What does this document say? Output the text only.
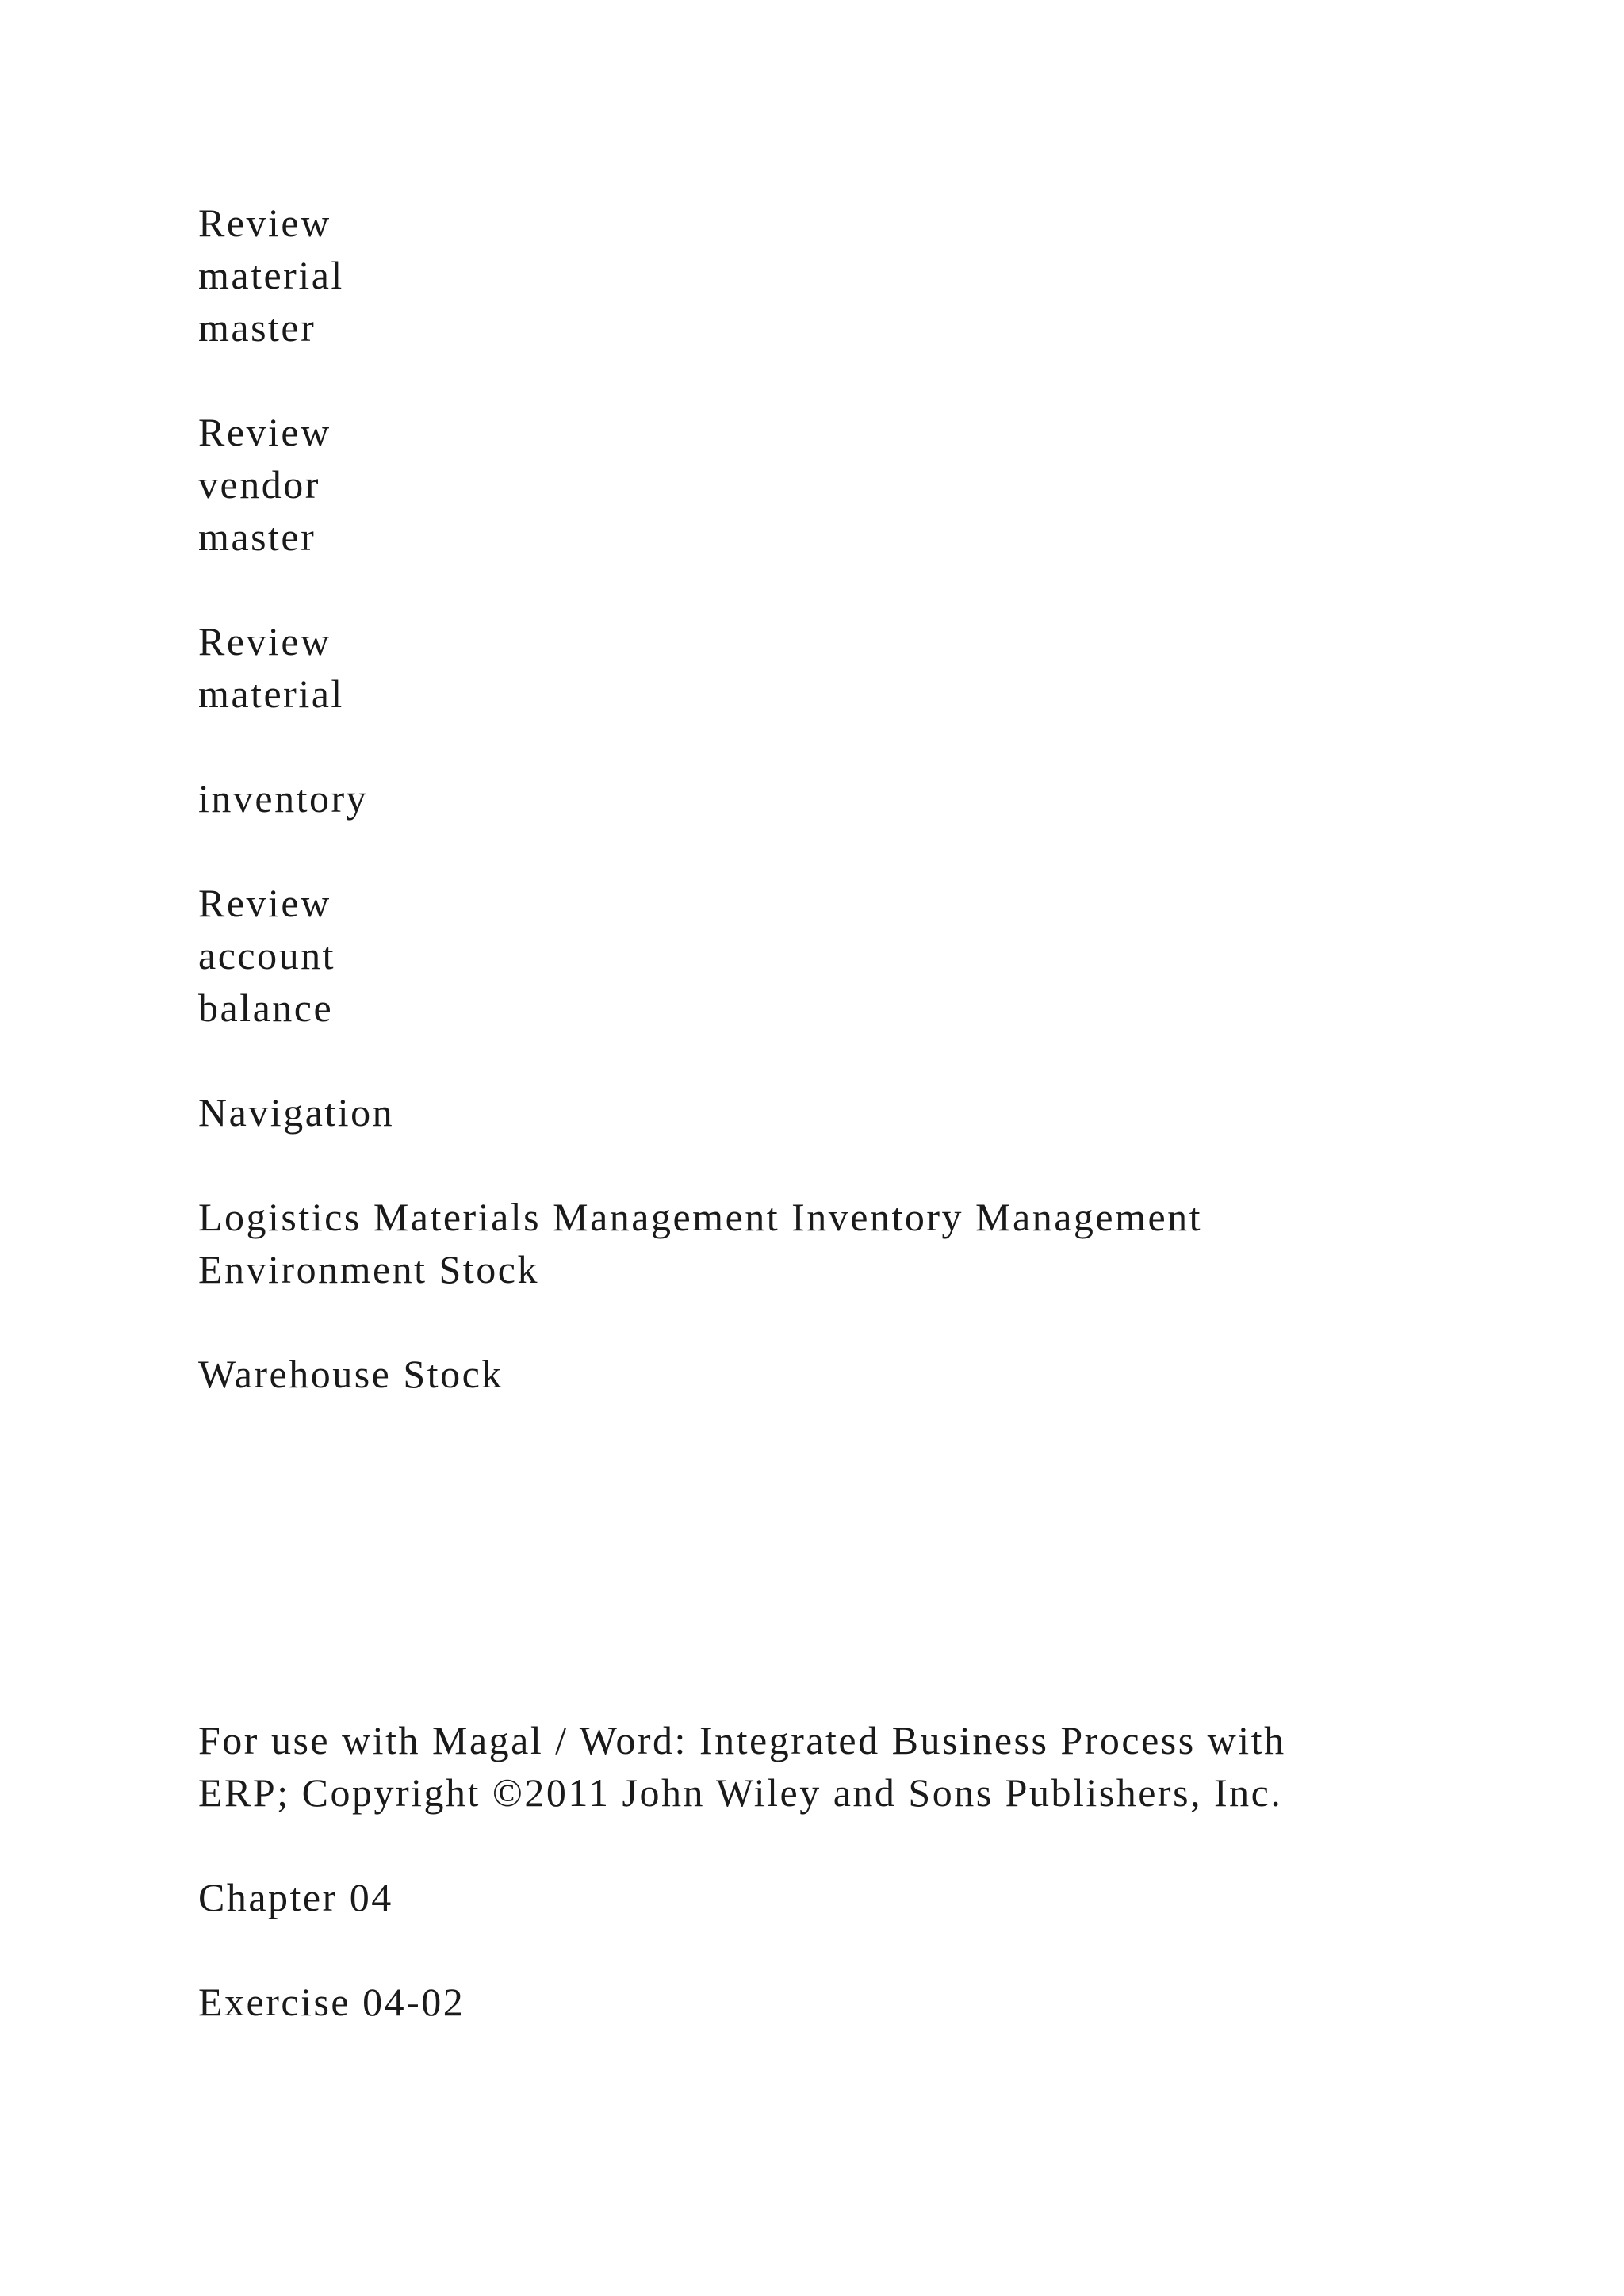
Review
material
master
Review
vendor
master
Review
material
inventory
Review
account
balance
Navigation
Logistics Materials Management Inventory Management
Environment Stock
Warehouse Stock
For use with Magal / Word: Integrated Business Process with
ERP; Copyright ©2011 John Wiley and Sons Publishers, Inc.
Chapter 04
Exercise 04-02
